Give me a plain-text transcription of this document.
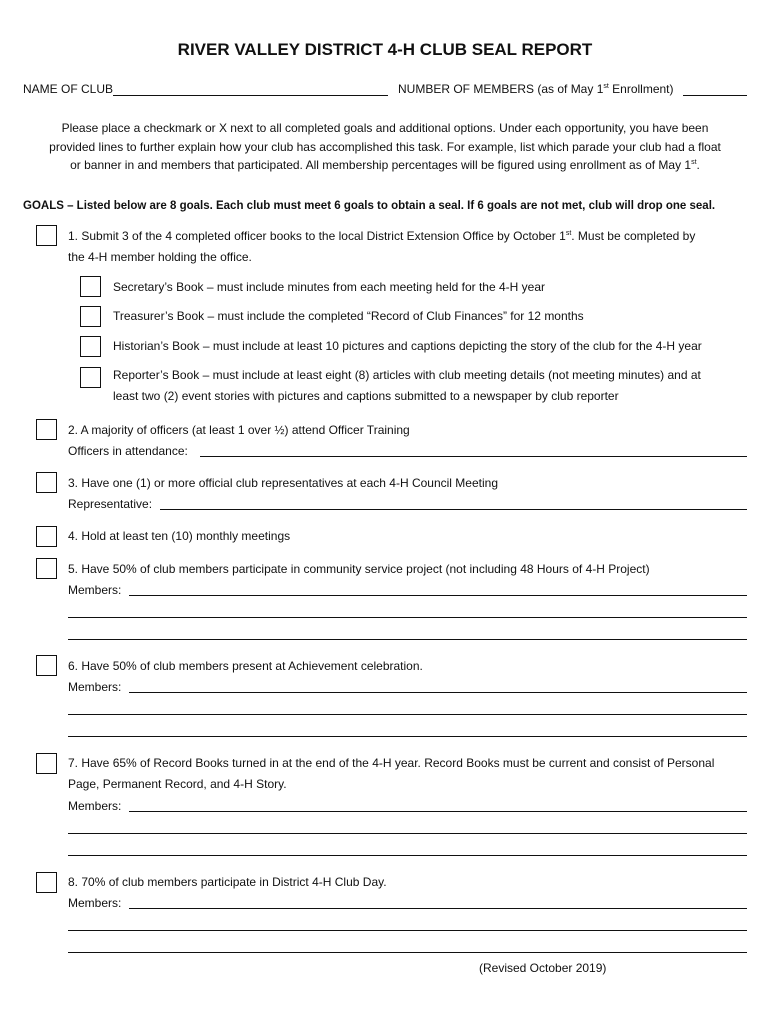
RIVER VALLEY DISTRICT 4-H CLUB SEAL REPORT
NAME OF CLUB	NUMBER OF MEMBERS (as of May 1st Enrollment)
Please place a checkmark or X next to all completed goals and additional options. Under each opportunity, you have been
provided lines to further explain how your club has accomplished this task. For example, list which parade your club had a float
or banner in and members that participated. All membership percentages will be figured using enrollment as of May 1st.
GOALS – Listed below are 8 goals. Each club must meet 6 goals to obtain a seal. If 6 goals are not met, club will drop one seal.
1. Submit 3 of the 4 completed officer books to the local District Extension Office by October 1st. Must be completed by
the 4-H member holding the office.
Secretary’s Book – must include minutes from each meeting held for the 4-H year
Treasurer’s Book – must include the completed “Record of Club Finances” for 12 months
Historian’s Book – must include at least 10 pictures and captions depicting the story of the club for the 4-H year
Reporter’s Book – must include at least eight (8) articles with club meeting details (not meeting minutes) and at
least two (2) event stories with pictures and captions submitted to a newspaper by club reporter
2. A majority of officers (at least 1 over ½) attend Officer Training
Officers in attendance:
3. Have one (1) or more official club representatives at each 4-H Council Meeting
Representative:
4. Hold at least ten (10) monthly meetings
5. Have 50% of club members participate in community service project (not including 48 Hours of 4-H Project)
Members:
6. Have 50% of club members present at Achievement celebration.
Members:
7. Have 65% of Record Books turned in at the end of the 4-H year. Record Books must be current and consist of Personal
Page, Permanent Record, and 4-H Story.
Members:
8. 70% of club members participate in District 4-H Club Day.
Members:
(Revised October 2019)
